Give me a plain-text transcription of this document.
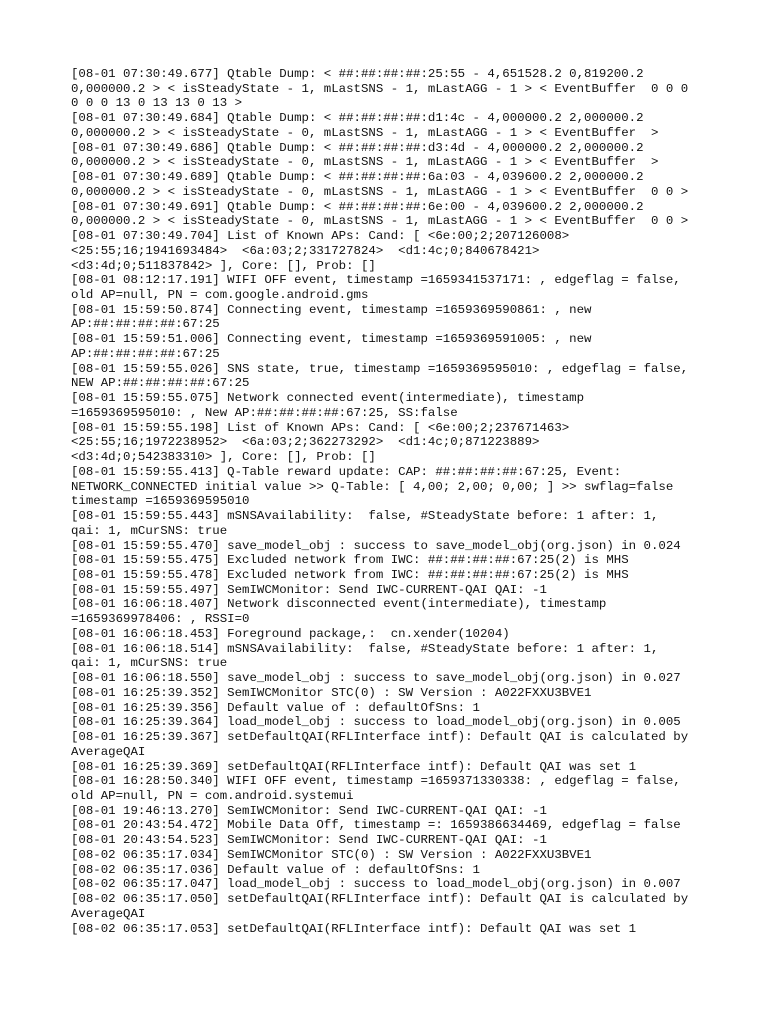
[08-01 07:30:49.677] Qtable Dump: < ##:##:##:##:25:55 - 4,651528.2 0,819200.2
0,000000.2 > < isSteadyState - 1, mLastSNS - 1, mLastAGG - 1 > < EventBuffer  0 0 0
0 0 0 13 0 13 13 0 13 >
[08-01 07:30:49.684] Qtable Dump: < ##:##:##:##:d1:4c - 4,000000.2 2,000000.2
0,000000.2 > < isSteadyState - 0, mLastSNS - 1, mLastAGG - 1 > < EventBuffer  >
[08-01 07:30:49.686] Qtable Dump: < ##:##:##:##:d3:4d - 4,000000.2 2,000000.2
0,000000.2 > < isSteadyState - 0, mLastSNS - 1, mLastAGG - 1 > < EventBuffer  >
[08-01 07:30:49.689] Qtable Dump: < ##:##:##:##:6a:03 - 4,039600.2 2,000000.2
0,000000.2 > < isSteadyState - 0, mLastSNS - 1, mLastAGG - 1 > < EventBuffer  0 0 >
[08-01 07:30:49.691] Qtable Dump: < ##:##:##:##:6e:00 - 4,039600.2 2,000000.2
0,000000.2 > < isSteadyState - 0, mLastSNS - 1, mLastAGG - 1 > < EventBuffer  0 0 >
[08-01 07:30:49.704] List of Known APs: Cand: [ <6e:00;2;207126008>
<25:55;16;1941693484>  <6a:03;2;331727824>  <d1:4c;0;840678421>
<d3:4d;0;511837842> ], Core: [], Prob: []
[08-01 08:12:17.191] WIFI OFF event, timestamp =1659341537171: , edgeflag = false,
old AP=null, PN = com.google.android.gms
[08-01 15:59:50.874] Connecting event, timestamp =1659369590861: , new
AP:##:##:##:##:67:25
[08-01 15:59:51.006] Connecting event, timestamp =1659369591005: , new
AP:##:##:##:##:67:25
[08-01 15:59:55.026] SNS state, true, timestamp =1659369595010: , edgeflag = false,
NEW AP:##:##:##:##:67:25
[08-01 15:59:55.075] Network connected event(intermediate), timestamp
=1659369595010: , New AP:##:##:##:##:67:25, SS:false
[08-01 15:59:55.198] List of Known APs: Cand: [ <6e:00;2;237671463>
<25:55;16;1972238952>  <6a:03;2;362273292>  <d1:4c;0;871223889>
<d3:4d;0;542383310> ], Core: [], Prob: []
[08-01 15:59:55.413] Q-Table reward update: CAP: ##:##:##:##:67:25, Event:
NETWORK_CONNECTED initial value >> Q-Table: [ 4,00; 2,00; 0,00; ] >> swflag=false
timestamp =1659369595010
[08-01 15:59:55.443] mSNSAvailability:  false, #SteadyState before: 1 after: 1,
qai: 1, mCurSNS: true
[08-01 15:59:55.470] save_model_obj : success to save_model_obj(org.json) in 0.024
[08-01 15:59:55.475] Excluded network from IWC: ##:##:##:##:67:25(2) is MHS
[08-01 15:59:55.478] Excluded network from IWC: ##:##:##:##:67:25(2) is MHS
[08-01 15:59:55.497] SemIWCMonitor: Send IWC-CURRENT-QAI QAI: -1
[08-01 16:06:18.407] Network disconnected event(intermediate), timestamp
=1659369978406: , RSSI=0
[08-01 16:06:18.453] Foreground package,:  cn.xender(10204)
[08-01 16:06:18.514] mSNSAvailability:  false, #SteadyState before: 1 after: 1,
qai: 1, mCurSNS: true
[08-01 16:06:18.550] save_model_obj : success to save_model_obj(org.json) in 0.027
[08-01 16:25:39.352] SemIWCMonitor STC(0) : SW Version : A022FXXU3BVE1
[08-01 16:25:39.356] Default value of : defaultOfSns: 1
[08-01 16:25:39.364] load_model_obj : success to load_model_obj(org.json) in 0.005
[08-01 16:25:39.367] setDefaultQAI(RFLInterface intf): Default QAI is calculated by
AverageQAI
[08-01 16:25:39.369] setDefaultQAI(RFLInterface intf): Default QAI was set 1
[08-01 16:28:50.340] WIFI OFF event, timestamp =1659371330338: , edgeflag = false,
old AP=null, PN = com.android.systemui
[08-01 19:46:13.270] SemIWCMonitor: Send IWC-CURRENT-QAI QAI: -1
[08-01 20:43:54.472] Mobile Data Off, timestamp =: 1659386634469, edgeflag = false
[08-01 20:43:54.523] SemIWCMonitor: Send IWC-CURRENT-QAI QAI: -1
[08-02 06:35:17.034] SemIWCMonitor STC(0) : SW Version : A022FXXU3BVE1
[08-02 06:35:17.036] Default value of : defaultOfSns: 1
[08-02 06:35:17.047] load_model_obj : success to load_model_obj(org.json) in 0.007
[08-02 06:35:17.050] setDefaultQAI(RFLInterface intf): Default QAI is calculated by
AverageQAI
[08-02 06:35:17.053] setDefaultQAI(RFLInterface intf): Default QAI was set 1
